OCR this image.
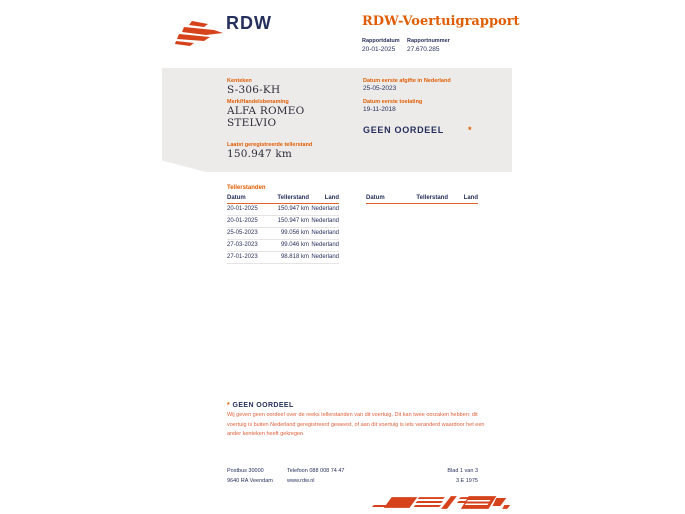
RDW	RDW-Voertuigrapport
Rapportdatum
20-01-2025
Rapportnummer
27.670.285
Kenteken
S-306-KH
Merk/Handelsbenaming
ALFA ROMEO
STELVIO
Laatst geregistreerde tellerstand
150.947 km
Datum eerste afgifte in Nederland
25-05-2023
Datum eerste toelating
19-11-2018
GEEN OORDEEL	*
Tellerstanden
Datum	Tellerstand	Land
20-01-2025	150.947 km Nederland
20-01-2025	150.947 km Nederland
25-05-2023	99.056 km Nederland
27-03-2023	99.046 km Nederland
27-01-2023	98.818 km Nederland
Datum	Tellerstand	Land
* GEEN OORDEEL
Wij geven geen oordeel over de reeks tellerstanden van dit voertuig. Dit kan twee oorzaken hebben: dit
voertuig is buiten Nederland geregistreerd geweest, of aan dit voertuig is iets veranderd waardoor het een
ander kenteken heeft gekregen.
Postbus 30000
9640 RA Veendam
Telefoon 088 008 74 47
www.rdw.nl
Blad 1 van 3
3 E 1975
